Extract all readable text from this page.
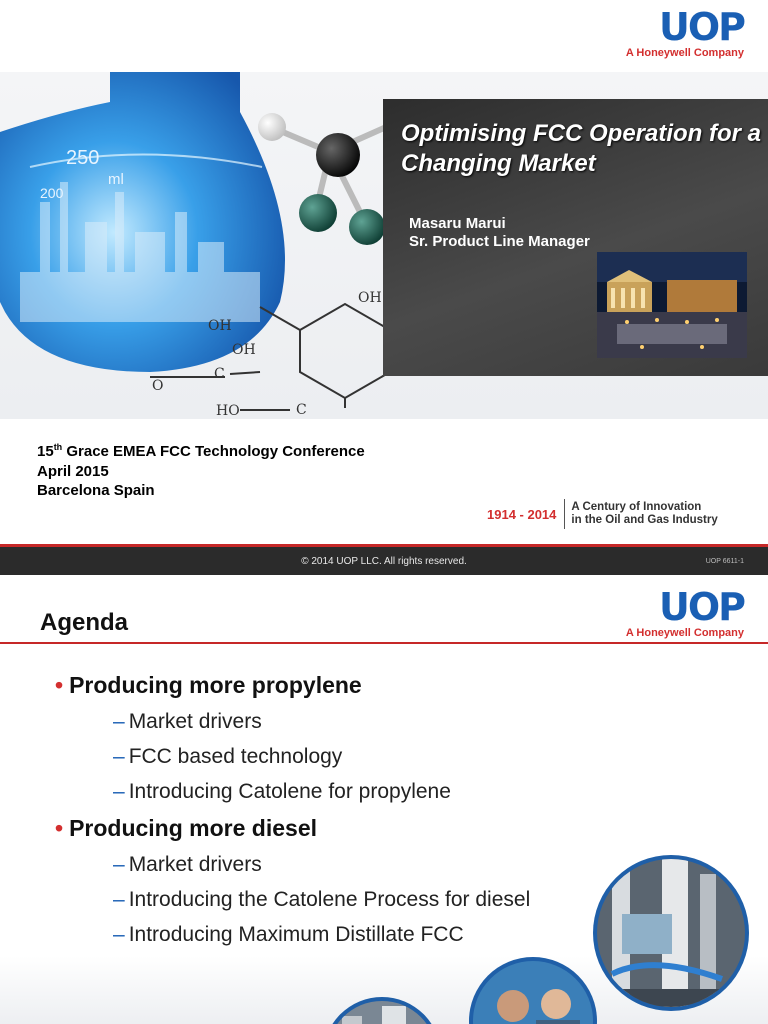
UOP
A Honeywell Company
250
ml
200
OH
OH
OH
HO	C
O
C
Optimising FCC Operation for a Changing Market
Masaru Marui
Sr. Product Line Manager
15th Grace EMEA FCC Technology Conference
April 2015
Barcelona Spain
1914 - 2014	A Century of Innovation
in the Oil and Gas Industry
© 2014 UOP LLC. All rights reserved.	UOP 6611-1
UOP
A Honeywell Company
Agenda
• Producing more propylene
– Market drivers
– FCC based technology
– Introducing Catolene for propylene
• Producing more diesel
– Market drivers
– Introducing the Catolene Process for diesel
– Introducing Maximum Distillate FCC
